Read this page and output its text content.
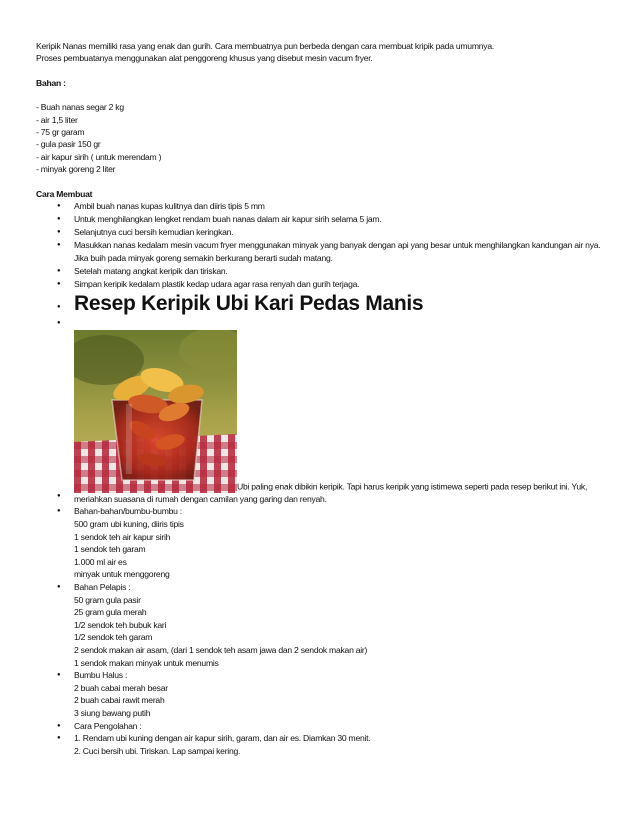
Keripik Nanas memiliki rasa yang enak dan gurih. Cara membuatnya pun berbeda dengan cara membuat kripik pada umumnya.

Proses pembuatanya menggunakan alat penggoreng khusus yang disebut mesin vacum fryer.

Bahan :

- Buah nanas segar 2 kg

- air 1,5 liter

- 75 gr garam

- gula pasir 150 gr

- air kapur sirih ( untuk merendam )

- minyak goreng 2 liter

Cara Membuat

● Ambil buah nanas kupas kulitnya dan diiris tipis 5 mm
● Untuk menghilangkan lengket rendam buah nanas dalam air kapur sirih selama 5 jam.
● Selanjutnya cuci bersih kemudian keringkan.
● Masukkan nanas kedalam mesin vacum fryer menggunakan minyak yang banyak dengan api yang besar untuk menghilangkan kandungan air nya. Jika buih pada minyak goreng semakin berkurang berarti sudah matang.
● Setelah matang angkat keripik dan tiriskan.
● Simpan keripik kedalam plastik kedap udara agar rasa renyah dan gurih terjaga.
● Resep Keripik Ubi Kari Pedas Manis
●
● Ubi paling enak dibikin keripik. Tapi harus keripik yang istimewa seperti pada resep berikut ini. Yuk, meriahkan suasana di rumah dengan camilan yang garing dan renyah.
● Bahan-bahan/bumbu-bumbu :
500 gram ubi kuning, diiris tipis
1 sendok teh air kapur sirih
1 sendok teh garam
1.000 ml air es
minyak untuk menggoreng
● Bahan Pelapis :
50 gram gula pasir
25 gram gula merah
1/2 sendok teh bubuk kari
1/2 sendok teh garam
2 sendok makan air asam, (dari 1 sendok teh asam jawa dan 2 sendok makan air)
1 sendok makan minyak untuk menumis
● Bumbu Halus :
2 buah cabai merah besar
2 buah cabai rawit merah
3 siung bawang putih
● Cara Pengolahan :
● 1. Rendam ubi kuning dengan air kapur sirih, garam, dan air es. Diamkan 30 menit.
2. Cuci bersih ubi. Tiriskan. Lap sampai kering.
